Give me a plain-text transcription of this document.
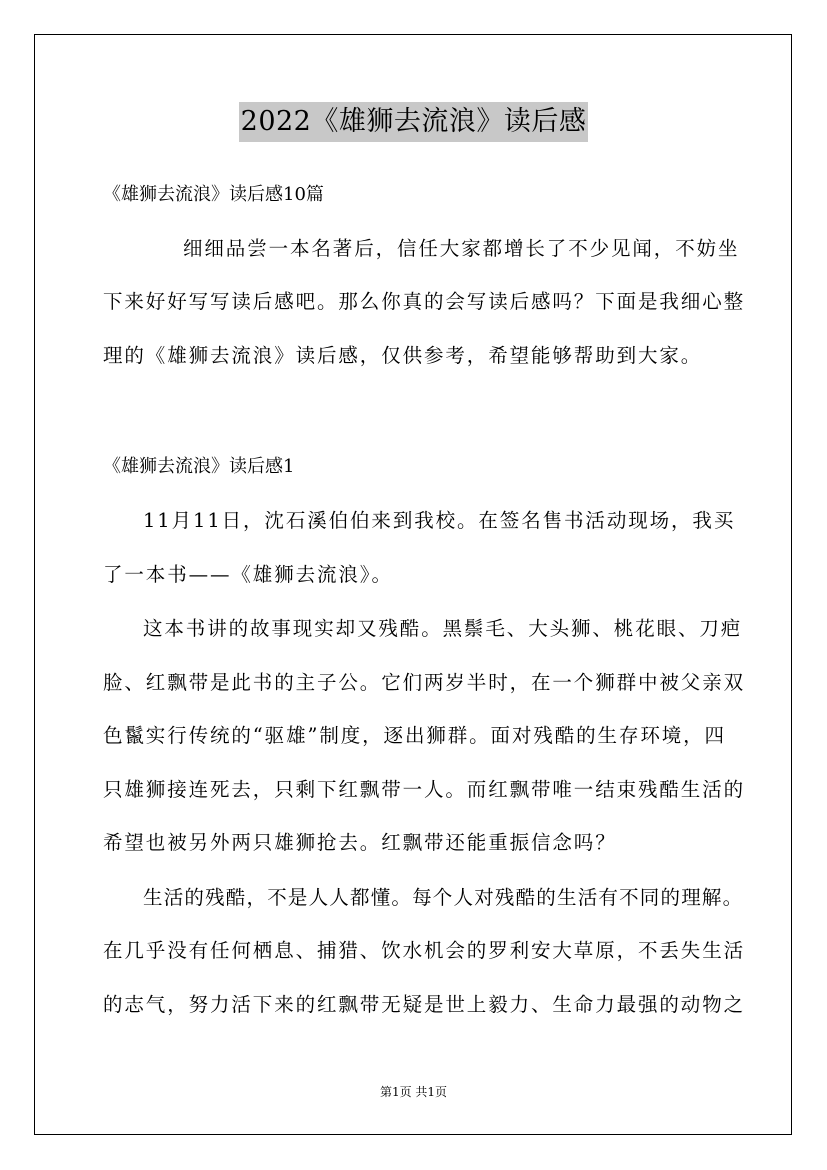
2022《雄狮去流浪》读后感
《雄狮去流浪》读后感10篇
细细品尝一本名著后，信任大家都增长了不少见闻，不妨坐
下来好好写写读后感吧。那么你真的会写读后感吗？下面是我细心整
理的《雄狮去流浪》读后感，仅供参考，希望能够帮助到大家。
《雄狮去流浪》读后感1
11月11日，沈石溪伯伯来到我校。在签名售书活动现场，我买
了一本书——《雄狮去流浪》。
这本书讲的故事现实却又残酷。黑鬃毛、大头狮、桃花眼、刀疤
脸、红飘带是此书的主子公。它们两岁半时，在一个狮群中被父亲双
色鬣实行传统的“驱雄”制度，逐出狮群。面对残酷的生存环境，四
只雄狮接连死去，只剩下红飘带一人。而红飘带唯一结束残酷生活的
希望也被另外两只雄狮抢去。红飘带还能重振信念吗？
生活的残酷，不是人人都懂。每个人对残酷的生活有不同的理解。
在几乎没有任何栖息、捕猎、饮水机会的罗利安大草原，不丢失生活
的志气，努力活下来的红飘带无疑是世上毅力、生命力最强的动物之
第1页 共1页
